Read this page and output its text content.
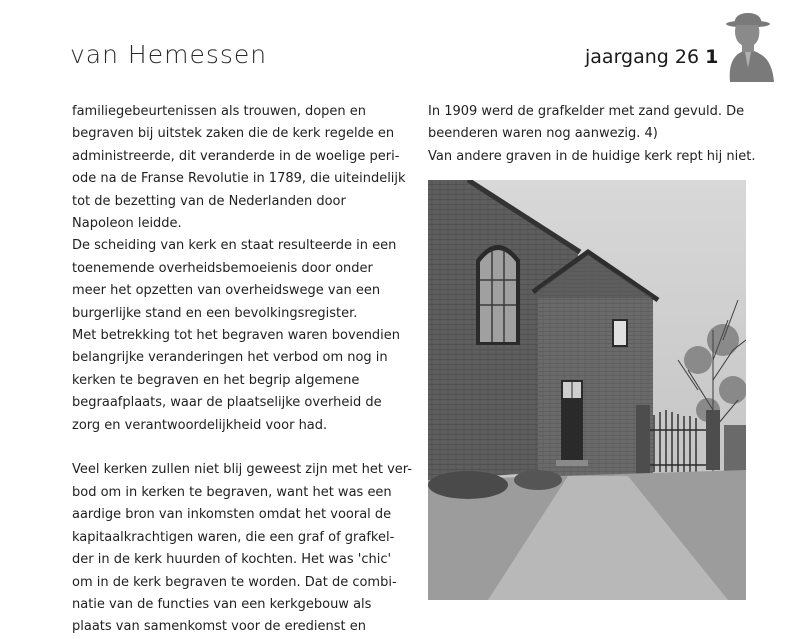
van Hemessen	jaargang 26 1
familiegebeurtenissen als trouwen, dopen en
begraven bij uitstek zaken die de kerk regelde en
administreerde, dit veranderde in de woelige peri-
ode na de Franse Revolutie in 1789, die uiteindelijk
tot de bezetting van de Nederlanden door
Napoleon leidde.
De scheiding van kerk en staat resulteerde in een
toenemende overheidsbemoeienis door onder
meer het opzetten van overheidswege van een
burgerlijke stand en een bevolkingsregister.
Met betrekking tot het begraven waren bovendien
belangrijke veranderingen het verbod om nog in
kerken te begraven en het begrip algemene
begraafplaats, waar de plaatselijke overheid de
zorg en verantwoordelijkheid voor had.
Veel kerken zullen niet blij geweest zijn met het ver-
bod om in kerken te begraven, want het was een
aardige bron van inkomsten omdat het vooral de
kapitaalkrachtigen waren, die een graf of grafkel-
der in de kerk huurden of kochten. Het was 'chic'
om in de kerk begraven te worden. Dat de combi-
natie van de functies van een kerkgebouw als
plaats van samenkomst voor de eredienst en
In 1909 werd de grafkelder met zand gevuld. De
beenderen waren nog aanwezig. 4)
Van andere graven in de huidige kerk rept hij niet.
